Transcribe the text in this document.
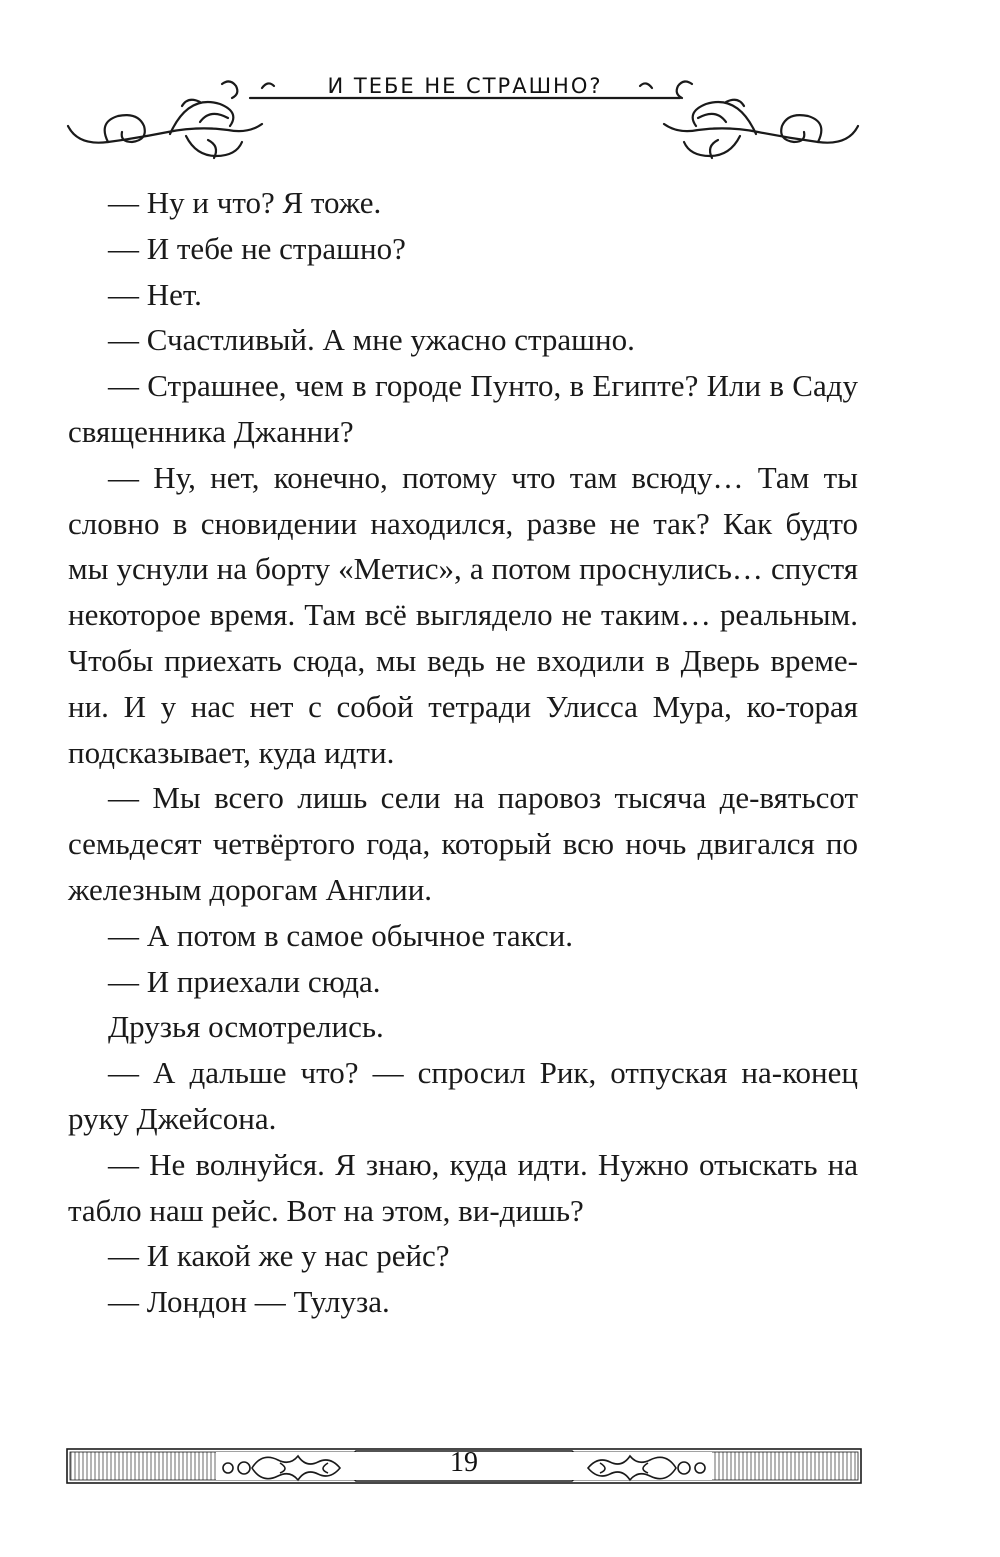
И ТЕБЕ НЕ СТРАШНО?

— Ну и что? Я тоже.

— И тебе не страшно?

— Нет.

— Счастливый. А мне ужасно страшно.

— Страшнее, чем в городе Пунто, в Египте? Или в Саду священника Джанни?

— Ну, нет, конечно, потому что там всюду… Там ты словно в сновидении находился, разве не так? Как будто мы уснули на борту «Метис», а потом проснулись… спустя некоторое время. Там всё выглядело не таким… реальным. Чтобы приехать сюда, мы ведь не входили в Дверь време-ни. И у нас нет с собой тетради Улисса Мура, ко-торая подсказывает, куда идти.

— Мы всего лишь сели на паровоз тысяча де-вятьсот семьдесят четвёртого года, который всю ночь двигался по железным дорогам Англии.

— А потом в самое обычное такси.

— И приехали сюда.

Друзья осмотрелись.

— А дальше что? — спросил Рик, отпуская на-конец руку Джейсона.

— Не волнуйся. Я знаю, куда идти. Нужно отыскать на табло наш рейс. Вот на этом, ви-дишь?

— И какой же у нас рейс?

— Лондон — Тулуза.

19
